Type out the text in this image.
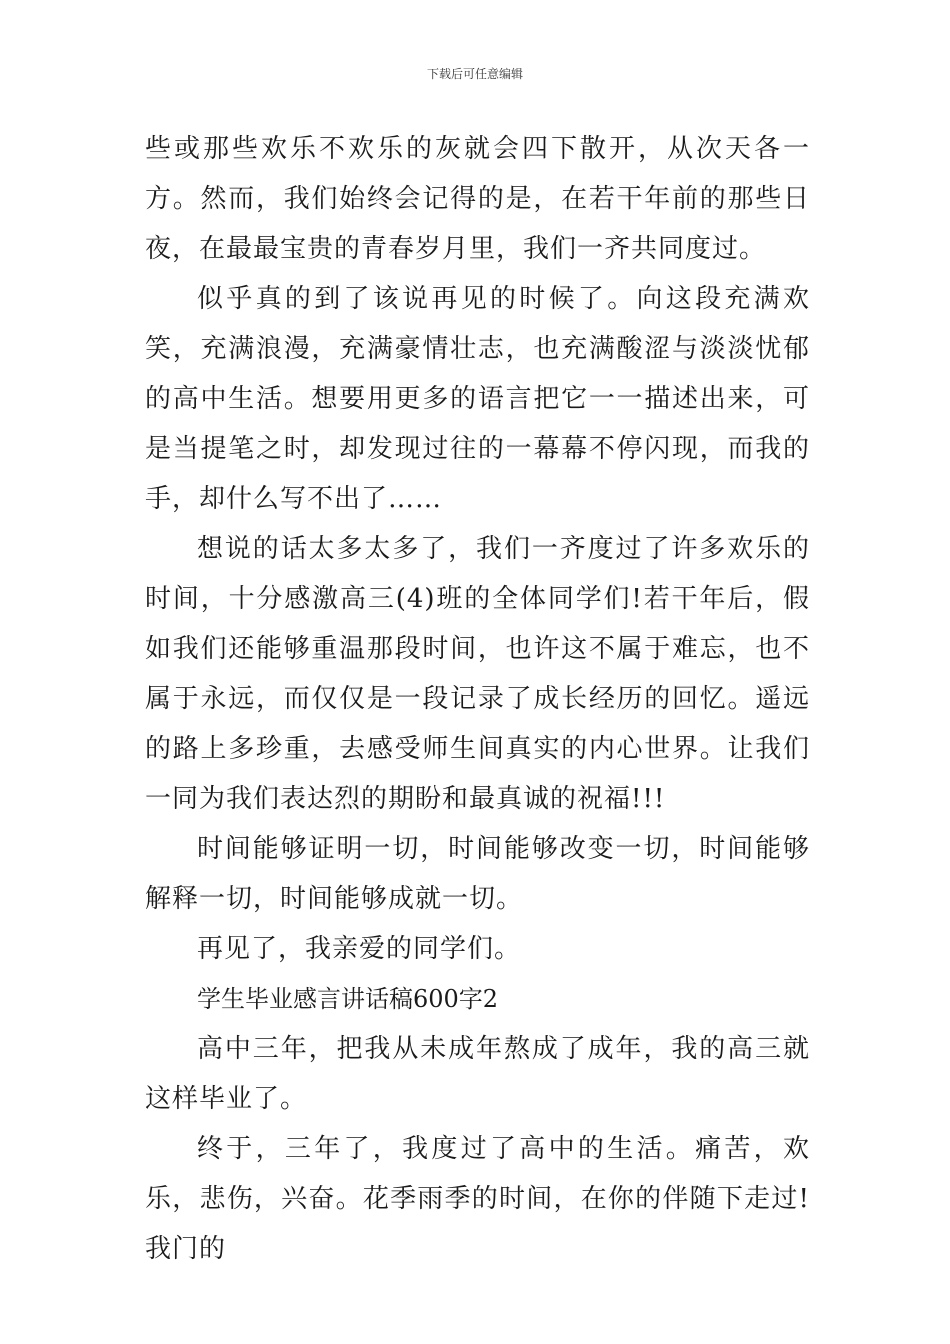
下载后可任意编辑

些或那些欢乐不欢乐的灰就会四下散开，从次天各一方。然而，我们始终会记得的是，在若干年前的那些日夜，在最最宝贵的青春岁月里，我们一齐共同度过。

似乎真的到了该说再见的时候了。向这段充满欢笑，充满浪漫，充满豪情壮志，也充满酸涩与淡淡忧郁的高中生活。想要用更多的语言把它一一描述出来，可是当提笔之时，却发现过往的一幕幕不停闪现，而我的手，却什么写不出了……

想说的话太多太多了，我们一齐度过了许多欢乐的时间，十分感激高三(4)班的全体同学们!若干年后，假如我们还能够重温那段时间，也许这不属于难忘，也不属于永远，而仅仅是一段记录了成长经历的回忆。遥远的路上多珍重，去感受师生间真实的内心世界。让我们一同为我们表达烈的期盼和最真诚的祝福!!!

时间能够证明一切，时间能够改变一切，时间能够解释一切，时间能够成就一切。

再见了，我亲爱的同学们。

学生毕业感言讲话稿600字2

高中三年，把我从未成年熬成了成年，我的高三就这样毕业了。

终于，三年了，我度过了高中的生活。痛苦，欢乐，悲伤，兴奋。花季雨季的时间，在你的伴随下走过!我门的
